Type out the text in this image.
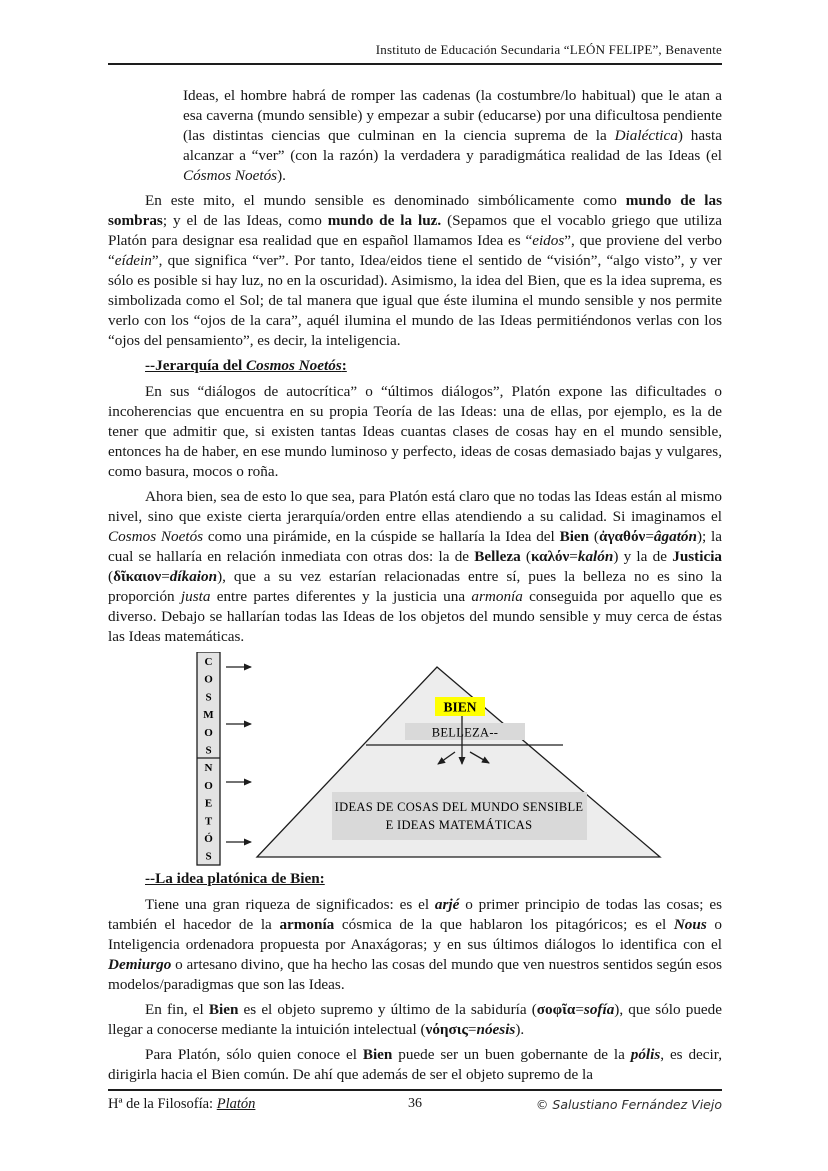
Instituto de Educación Secundaria “LEÓN FELIPE”, Benavente

Ideas, el hombre habrá de romper las cadenas (la costumbre/lo habitual) que le atan a esa caverna (mundo sensible) y empezar a subir (educarse) por una dificultosa pendiente (las distintas ciencias que culminan en la ciencia suprema de la Dialéctica) hasta alcanzar a “ver” (con la razón) la verdadera y paradigmática realidad de las Ideas (el Cósmos Noetós).

En este mito, el mundo sensible es denominado simbólicamente como mundo de las sombras; y el de las Ideas, como mundo de la luz. (Sepamos que el vocablo griego que utiliza Platón para designar esa realidad que en español llamamos Idea es “eidos”, que proviene del verbo “eídein”, que significa “ver”. Por tanto, Idea/eidos tiene el sentido de “visión”, “algo visto”, y ver sólo es posible si hay luz, no en la oscuridad). Asimismo, la idea del Bien, que es la idea suprema, es simbolizada como el Sol; de tal manera que igual que éste ilumina el mundo sensible y nos permite verlo con los “ojos de la cara”, aquél ilumina el mundo de las Ideas permitiéndonos verlas con los “ojos del pensamiento”, es decir, la inteligencia.

--Jerarquía del Cosmos Noetós:

En sus “diálogos de autocrítica” o “últimos diálogos”, Platón expone las dificultades o incoherencias que encuentra en su propia Teoría de las Ideas: una de ellas, por ejemplo, es la de tener que admitir que, si existen tantas Ideas cuantas clases de cosas hay en el mundo sensible, entonces ha de haber, en ese mundo luminoso y perfecto, ideas de cosas demasiado bajas y vulgares, como basura, mocos o roña.

Ahora bien, sea de esto lo que sea, para Platón está claro que no todas las Ideas están al mismo nivel, sino que existe cierta jerarquía/orden entre ellas atendiendo a su calidad. Si imaginamos el Cosmos Noetós como una pirámide, en la cúspide se hallaría la Idea del Bien (ἀγαθόν=âgatón); la cual se hallaría en relación inmediata con otras dos: la de Belleza (καλόν=kalón) y la de Justicia (δῖκαιον=díkaion), que a su vez estarían relacionadas entre sí, pues la belleza no es sino la proporción justa entre partes diferentes y la justicia una armonía conseguida por aquello que es diverso. Debajo se hallarían todas las Ideas de los objetos del mundo sensible y muy cerca de éstas las Ideas matemáticas.

C
O
S
M
O
S
N
O
E
T
Ó
S
BELLEZA--
BIEN
IDEAS DE COSAS DEL MUNDO SENSIBLE
E IDEAS MATEMÁTICAS
--La idea platónica de Bien:

Tiene una gran riqueza de significados: es el arjé o primer principio de todas las cosas; es también el hacedor de la armonía cósmica de la que hablaron los pitagóricos; es el Nous o Inteligencia ordenadora propuesta por Anaxágoras; y en sus últimos diálogos lo identifica con el Demiurgo o artesano divino, que ha hecho las cosas del mundo que ven nuestros sentidos según esos modelos/paradigmas que son las Ideas.

En fin, el Bien es el objeto supremo y último de la sabiduría (σοφῖα=sofía), que sólo puede llegar a conocerse mediante la intuición intelectual (νόησις=nóesis).

Para Platón, sólo quien conoce el Bien puede ser un buen gobernante de la pólis, es decir, dirigirla hacia el Bien común. De ahí que además de ser el objeto supremo de la

36
Hª de la Filosofía: Platón	© Salustiano Fernández Viejo
